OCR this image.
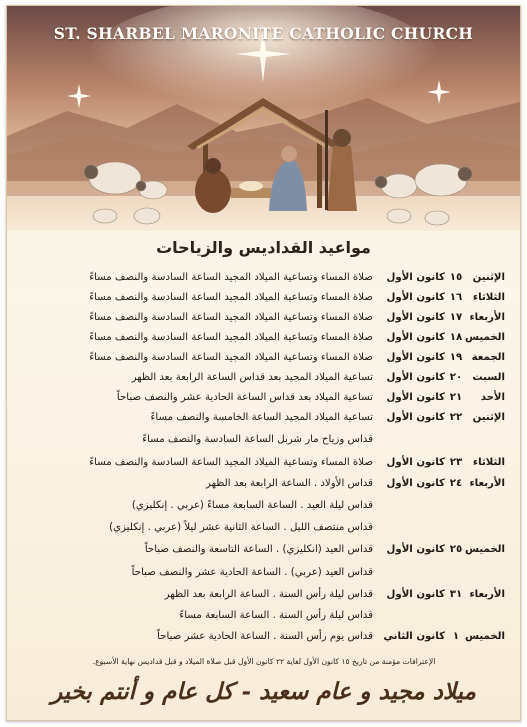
ST. SHARBEL MARONITE CATHOLIC CHURCH
مواعيد القداديس والزياحات
الإثنين
١٥
كانون الأول
صلاة المساء وتساعية الميلاد المجيد الساعة السادسة والنصف مساءً
الثلاثاء
١٦
كانون الأول
صلاة المساء وتساعية الميلاد المجيد الساعة السادسة والنصف مساءً
الأربعاء
١٧
كانون الأول
صلاة المساء وتساعية الميلاد المجيد الساعة السادسة والنصف مساءً
الخميس
١٨
كانون الأول
صلاة المساء وتساعية الميلاد المجيد الساعة السادسة والنصف مساءً
الجمعة
١٩
كانون الأول
صلاة المساء وتساعية الميلاد المجيد الساعة السادسة والنصف مساءً
السبت
٢٠
كانون الأول
تساعية الميلاد المجيد بعد قداس الساعة الرابعة بعد الظهر
الأحد
٢١
كانون الأول
تساعية الميلاد بعد قداس الساعة الحادية عشر والنصف صباحاً
الإثنين
٢٢
كانون الأول
تساعية الميلاد المجيد الساعة الخامسة والنصف مساءً
قداس وزياح مار شربل الساعة السادسة والنصف مساءً
الثلاثاء
٢٣
كانون الأول
صلاة المساء وتساعية الميلاد المجيد الساعة السادسة والنصف مساءً
الأربعاء
٢٤
كانون الأول
قداس الأولاد . الساعة الرابعة بعد الظهر
قداس ليلة العيد . الساعة السابعة مساءً (عربي . إنكليزي)
قداس منتصف الليل . الساعة الثانية عشر ليلاً (عربي . إنكليزي)
الخميس
٢٥
كانون الأول
قداس العيد (انكليزي) . الساعة التاسعة والنصف صباحاً
قداس العيد (عربي) . الساعة الحادية عشر والنصف صباحاً
الأربعاء
٣١
كانون الأول
قداس ليلة رأس السنة . الساعة الرابعة بعد الظهر
قداس ليلة رأس السنة . الساعة السابعة مساءً
الخميس
١
كانون الثاني
قداس يوم رأس السنة . الساعة الحادية عشر صباحاً
الإعترافات مؤمنة من تاريخ ١٥ كانون الأول لغاية ٢٢ كانون الأول قبل صلاة الميلاد و قبل قداديس نهاية الأسبوع.
ميلاد مجيد و عام سعيد - كل عام و أنتم بخير
